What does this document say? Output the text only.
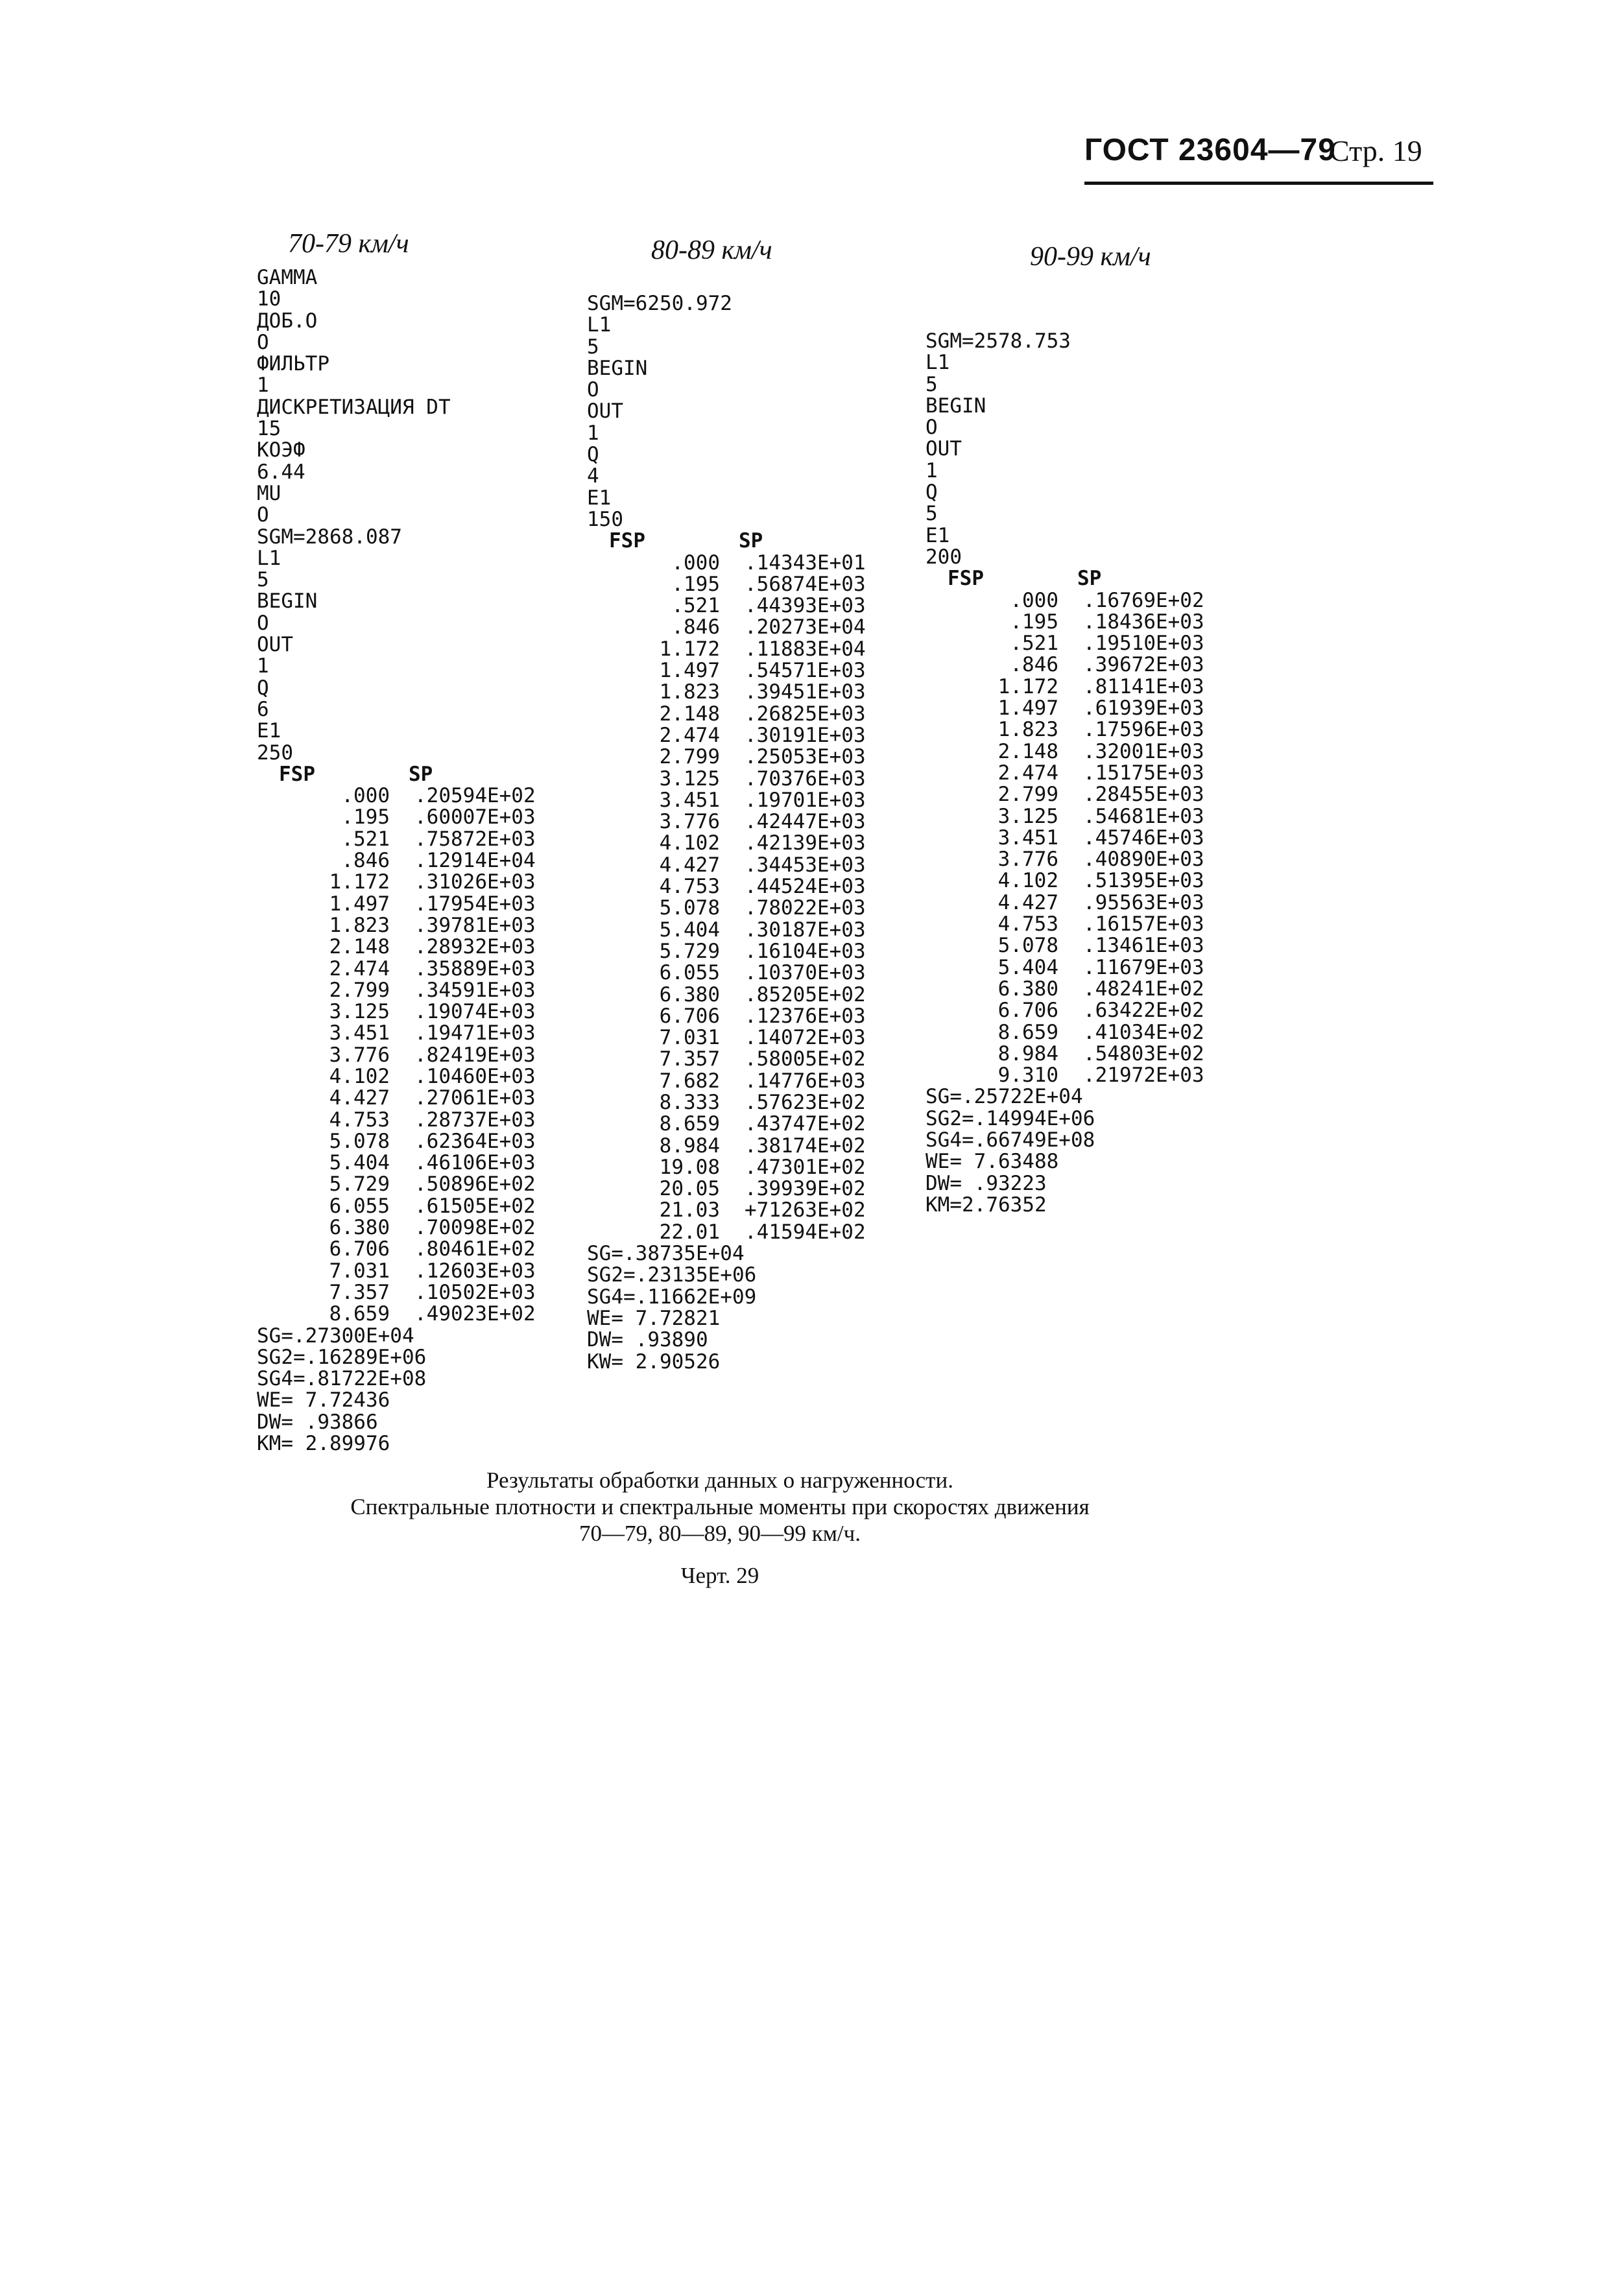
ГОСТ 23604—79
Стр. 19
70-79 км/ч	80-89 км/ч	90-99 км/ч
GAMMA
10
ДОБ.O
O
ФИЛЬТР
1
ДИСКРЕТИЗАЦИЯ DT
15
КОЭФ
6.44
MU
O
SGM=2868.087
L1
5
BEGIN
O
OUT
1
Q
6
E1
250
FSP	SP
.000	.20594E+02
.195	.60007E+03
.521	.75872E+03
.846	.12914E+04
1.172	.31026E+03
1.497	.17954E+03
1.823	.39781E+03
2.148	.28932E+03
2.474	.35889E+03
2.799	.34591E+03
3.125	.19074E+03
3.451	.19471E+03
3.776	.82419E+03
4.102	.10460E+03
4.427	.27061E+03
4.753	.28737E+03
5.078	.62364E+03
5.404	.46106E+03
5.729	.50896E+02
6.055	.61505E+02
6.380	.70098E+02
6.706	.80461E+02
7.031	.12603E+03
7.357	.10502E+03
8.659	.49023E+02
SG=.27300E+04
SG2=.16289E+06
SG4=.81722E+08
WE= 7.72436
DW= .93866
KM= 2.89976
SGM=6250.972
L1
5
BEGIN
O
OUT
1
Q
4
E1
150
FSP	SP
.000	.14343E+01
.195	.56874E+03
.521	.44393E+03
.846	.20273E+04
1.172	.11883E+04
1.497	.54571E+03
1.823	.39451E+03
2.148	.26825E+03
2.474	.30191E+03
2.799	.25053E+03
3.125	.70376E+03
3.451	.19701E+03
3.776	.42447E+03
4.102	.42139E+03
4.427	.34453E+03
4.753	.44524E+03
5.078	.78022E+03
5.404	.30187E+03
5.729	.16104E+03
6.055	.10370E+03
6.380	.85205E+02
6.706	.12376E+03
7.031	.14072E+03
7.357	.58005E+02
7.682	.14776E+03
8.333	.57623E+02
8.659	.43747E+02
8.984	.38174E+02
19.08	.47301E+02
20.05	.39939E+02
21.03	+71263E+02
22.01	.41594E+02
SG=.38735E+04
SG2=.23135E+06
SG4=.11662E+09
WE= 7.72821
DW= .93890
KW= 2.90526
SGM=2578.753
L1
5
BEGIN
O
OUT
1
Q
5
E1
200
FSP	SP
.000	.16769E+02
.195	.18436E+03
.521	.19510E+03
.846	.39672E+03
1.172	.81141E+03
1.497	.61939E+03
1.823	.17596E+03
2.148	.32001E+03
2.474	.15175E+03
2.799	.28455E+03
3.125	.54681E+03
3.451	.45746E+03
3.776	.40890E+03
4.102	.51395E+03
4.427	.95563E+03
4.753	.16157E+03
5.078	.13461E+03
5.404	.11679E+03
6.380	.48241E+02
6.706	.63422E+02
8.659	.41034E+02
8.984	.54803E+02
9.310	.21972E+03
SG=.25722E+04
SG2=.14994E+06
SG4=.66749E+08
WE= 7.63488
DW= .93223
KM=2.76352
Результаты обработки данных о нагруженности.
Спектральные плотности и спектральные моменты при скоростях движения
70—79, 80—89, 90—99 км/ч.
Черт. 29
